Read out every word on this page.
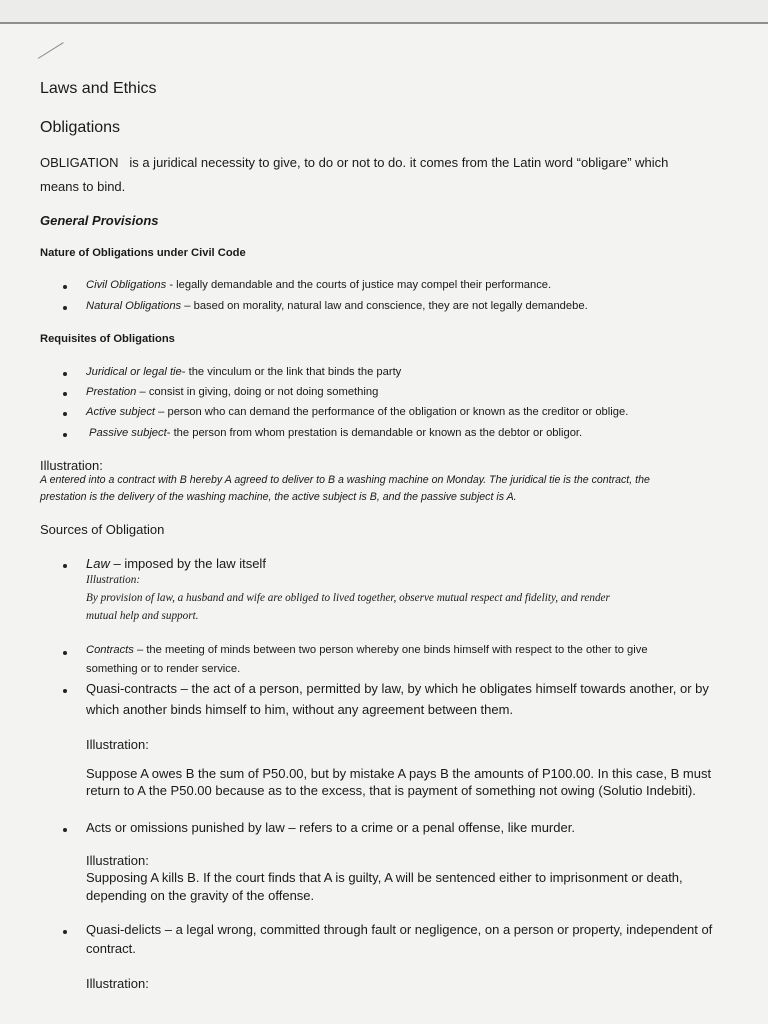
Laws and Ethics
Obligations
OBLIGATION is a juridical necessity to give, to do or not to do. it comes from the Latin word “obligare” which
means to bind.
General Provisions
Nature of Obligations under Civil Code
Civil Obligations - legally demandable and the courts of justice may compel their performance.
Natural Obligations – based on morality, natural law and conscience, they are not legally demandebe.
Requisites of Obligations
Juridical or legal tie- the vinculum or the link that binds the party
Prestation – consist in giving, doing or not doing something
Active subject – person who can demand the performance of the obligation or known as the creditor or oblige.
Passive subject- the person from whom prestation is demandable or known as the debtor or obligor.
Illustration:
A entered into a contract with B hereby A agreed to deliver to B a washing machine on Monday. The juridical tie is the contract, the
prestation is the delivery of the washing machine, the active subject is B, and the passive subject is A.
Sources of Obligation
Law – imposed by the law itself
Illustration:
By provision of law, a husband and wife are obliged to lived together, observe mutual respect and fidelity, and render
mutual help and support.
Contracts – the meeting of minds between two person whereby one binds himself with respect to the other to give
something or to render service.
Quasi-contracts – the act of a person, permitted by law, by which he obligates himself towards another, or by
which another binds himself to him, without any agreement between them.
Illustration:
Suppose A owes B the sum of P50.00, but by mistake A pays B the amounts of P100.00. In this case, B must
return to A the P50.00 because as to the excess, that is payment of something not owing (Solutio Indebiti).
Acts or omissions punished by law – refers to a crime or a penal offense, like murder.
Illustration:
Supposing A kills B. If the court finds that A is guilty, A will be sentenced either to imprisonment or death,
depending on the gravity of the offense.
Quasi-delicts – a legal wrong, committed through fault or negligence, on a person or property, independent of
contract.
Illustration:
